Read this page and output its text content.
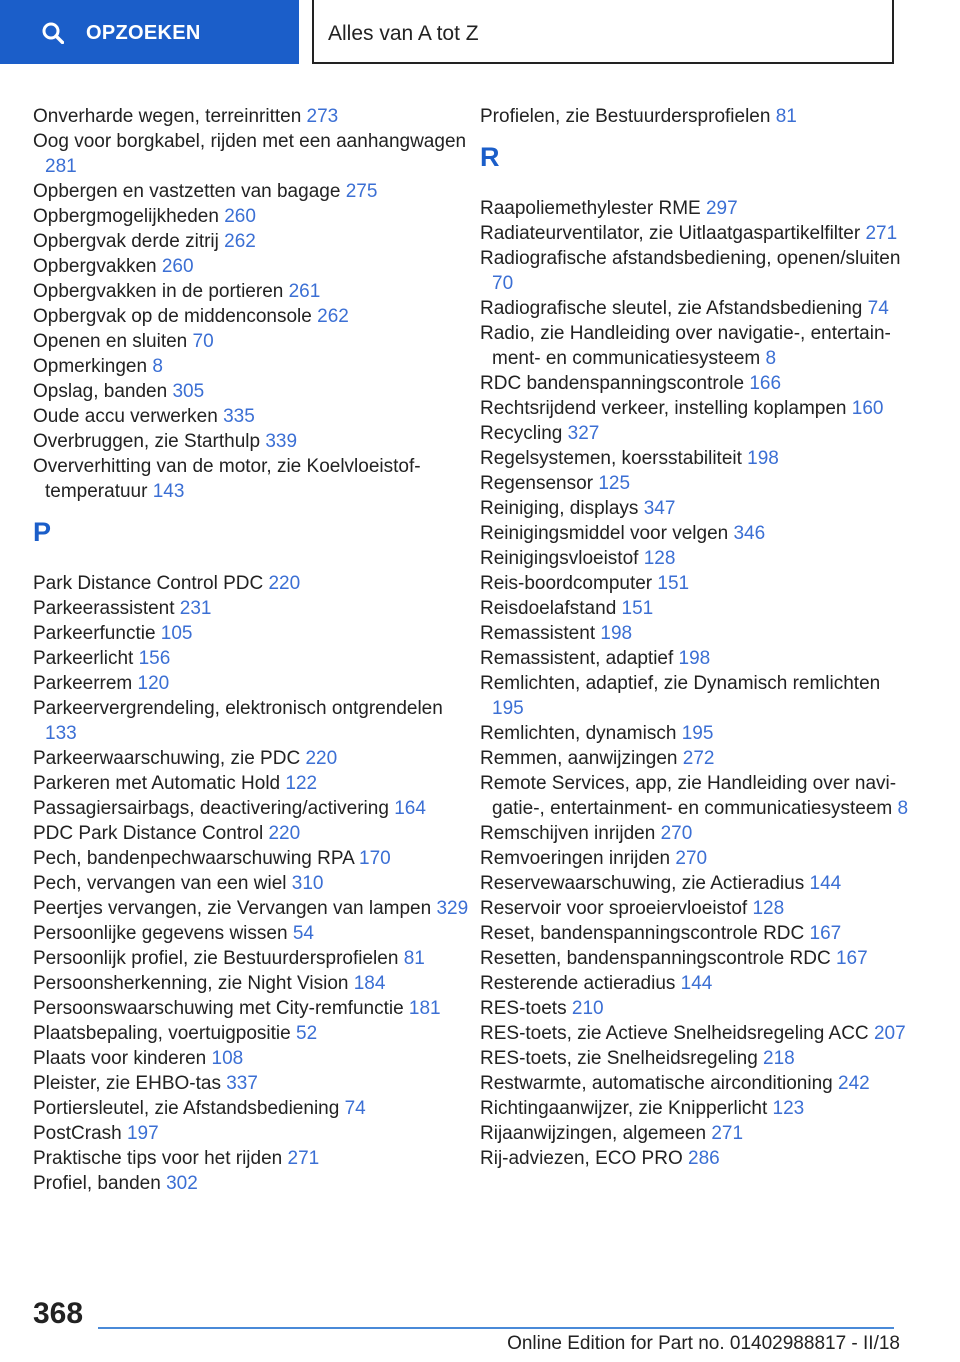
OPZOEKEN	Alles van A tot Z
Onverharde wegen, terreinritten 273
Oog voor borgkabel, rijden met een aanhangwagen 281
Opbergen en vastzetten van bagage 275
Opbergmogelijkheden 260
Opbergvak derde zitrij 262
Opbergvakken 260
Opbergvakken in de portieren 261
Opbergvak op de middenconsole 262
Openen en sluiten 70
Opmerkingen 8
Opslag, banden 305
Oude accu verwerken 335
Overbruggen, zie Starthulp 339
Oververhitting van de motor, zie Koelvloeistoftemperatuur 143
P
Park Distance Control PDC 220
Parkeerassistent 231
Parkeerfunctie 105
Parkeerlicht 156
Parkeerrem 120
Parkeervergrendeling, elektronisch ontgrendelen 133
Parkeerwaarschuwing, zie PDC 220
Parkeren met Automatic Hold 122
Passagiersairbags, deactivering/activering 164
PDC Park Distance Control 220
Pech, bandenpechwaarschuwing RPA 170
Pech, vervangen van een wiel 310
Peertjes vervangen, zie Vervangen van lampen 329
Persoonlijke gegevens wissen 54
Persoonlijk profiel, zie Bestuurdersprofielen 81
Persoonsherkenning, zie Night Vision 184
Persoonswaarschuwing met City-remfunctie 181
Plaatsbepaling, voertuigpositie 52
Plaats voor kinderen 108
Pleister, zie EHBO-tas 337
Portiersleutel, zie Afstandsbediening 74
PostCrash 197
Praktische tips voor het rijden 271
Profiel, banden 302
Profielen, zie Bestuurdersprofielen 81
R
Raapoliemethylester RME 297
Radiateurventilator, zie Uitlaatgaspartikelfilter 271
Radiografische afstandsbediening, openen/sluiten 70
Radiografische sleutel, zie Afstandsbediening 74
Radio, zie Handleiding over navigatie-, entertainment- en communicatiesysteem 8
RDC bandenspanningscontrole 166
Rechtsrijdend verkeer, instelling koplampen 160
Recycling 327
Regelsystemen, koersstabiliteit 198
Regensensor 125
Reiniging, displays 347
Reinigingsmiddel voor velgen 346
Reinigingsvloeistof 128
Reis-boordcomputer 151
Reisdoelafstand 151
Remassistent 198
Remassistent, adaptief 198
Remlichten, adaptief, zie Dynamisch remlichten 195
Remlichten, dynamisch 195
Remmen, aanwijzingen 272
Remote Services, app, zie Handleiding over navigatie-, entertainment- en communicatiesysteem 8
Remschijven inrijden 270
Remvoeringen inrijden 270
Reservewaarschuwing, zie Actieradius 144
Reservoir voor sproeiervloeistof 128
Reset, bandenspanningscontrole RDC 167
Resetten, bandenspanningscontrole RDC 167
Resterende actieradius 144
RES-toets 210
RES-toets, zie Actieve Snelheidsregeling ACC 207
RES-toets, zie Snelheidsregeling 218
Restwarmte, automatische airconditioning 242
Richtingaanwijzer, zie Knipperlicht 123
Rijaanwijzingen, algemeen 271
Rij-adviezen, ECO PRO 286
368
Online Edition for Part no. 01402988817 - II/18
